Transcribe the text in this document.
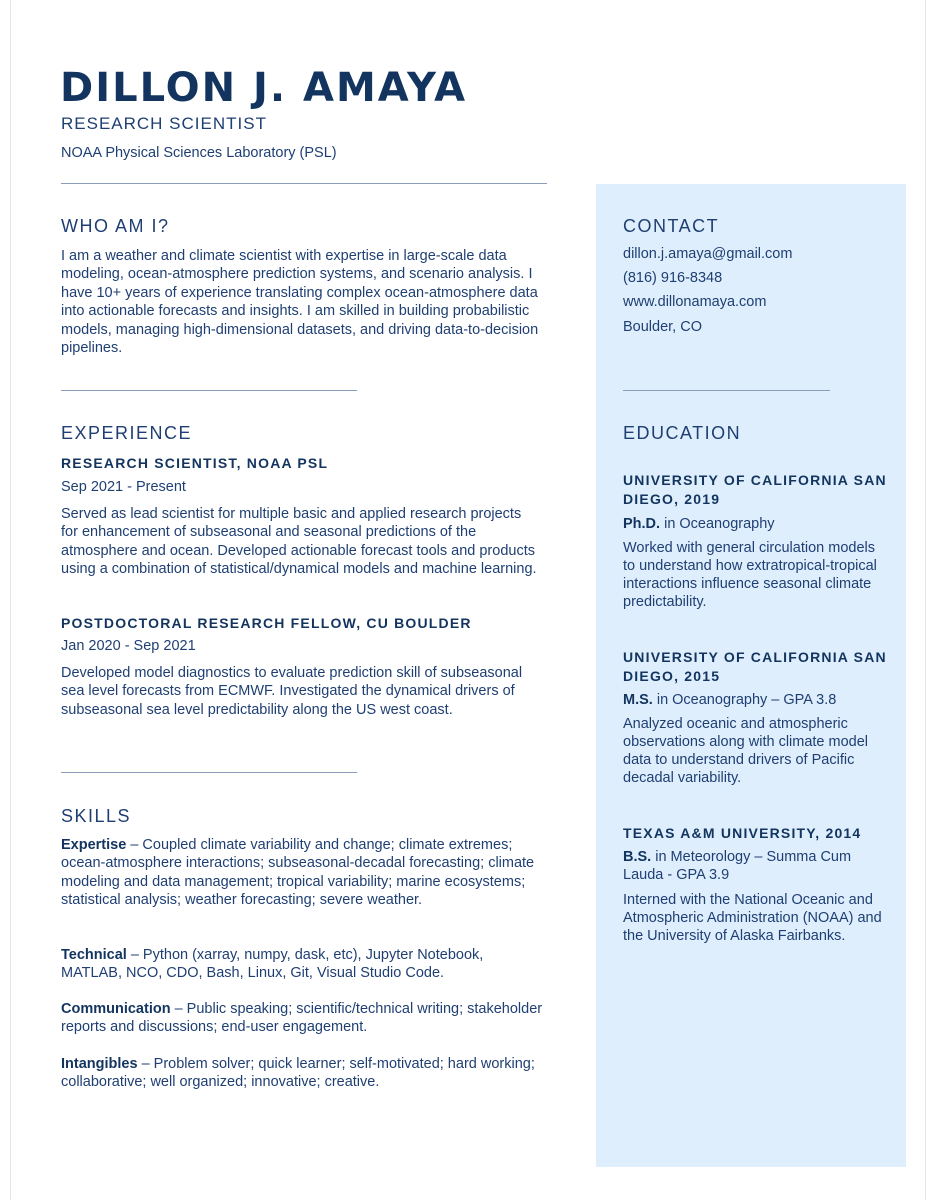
DILLON J. AMAYA
RESEARCH SCIENTIST
NOAA Physical Sciences Laboratory (PSL)
WHO AM I?
I am a weather and climate scientist with expertise in large-scale data modeling, ocean-atmosphere prediction systems, and scenario analysis. I have 10+ years of experience translating complex ocean-atmosphere data into actionable forecasts and insights. I am skilled in building probabilistic models, managing high-dimensional datasets, and driving data-to-decision pipelines.
EXPERIENCE
RESEARCH SCIENTIST, NOAA PSL
Sep 2021 - Present
Served as lead scientist for multiple basic and applied research projects for enhancement of subseasonal and seasonal predictions of the atmosphere and ocean. Developed actionable forecast tools and products using a combination of statistical/dynamical models and machine learning.
POSTDOCTORAL RESEARCH FELLOW, CU BOULDER
Jan 2020 - Sep 2021
Developed model diagnostics to evaluate prediction skill of subseasonal sea level forecasts from ECMWF. Investigated the dynamical drivers of subseasonal sea level predictability along the US west coast.
SKILLS
Expertise – Coupled climate variability and change; climate extremes; ocean-atmosphere interactions; subseasonal-decadal forecasting; climate modeling and data management; tropical variability; marine ecosystems; statistical analysis; weather forecasting; severe weather.
Technical – Python (xarray, numpy, dask, etc), Jupyter Notebook, MATLAB, NCO, CDO, Bash, Linux, Git, Visual Studio Code.
Communication – Public speaking; scientific/technical writing; stakeholder reports and discussions; end-user engagement.
Intangibles – Problem solver; quick learner; self-motivated; hard working; collaborative; well organized; innovative; creative.
CONTACT
dillon.j.amaya@gmail.com
(816) 916-8348
www.dillonamaya.com
Boulder, CO
EDUCATION
UNIVERSITY OF CALIFORNIA SAN DIEGO, 2019
Ph.D. in Oceanography
Worked with general circulation models to understand how extratropical-tropical interactions influence seasonal climate predictability.
UNIVERSITY OF CALIFORNIA SAN DIEGO, 2015
M.S. in Oceanography – GPA 3.8
Analyzed oceanic and atmospheric observations along with climate model data to understand drivers of Pacific decadal variability.
TEXAS A&M UNIVERSITY, 2014
B.S. in Meteorology – Summa Cum Lauda - GPA 3.9
Interned with the National Oceanic and Atmospheric Administration (NOAA) and the University of Alaska Fairbanks.
